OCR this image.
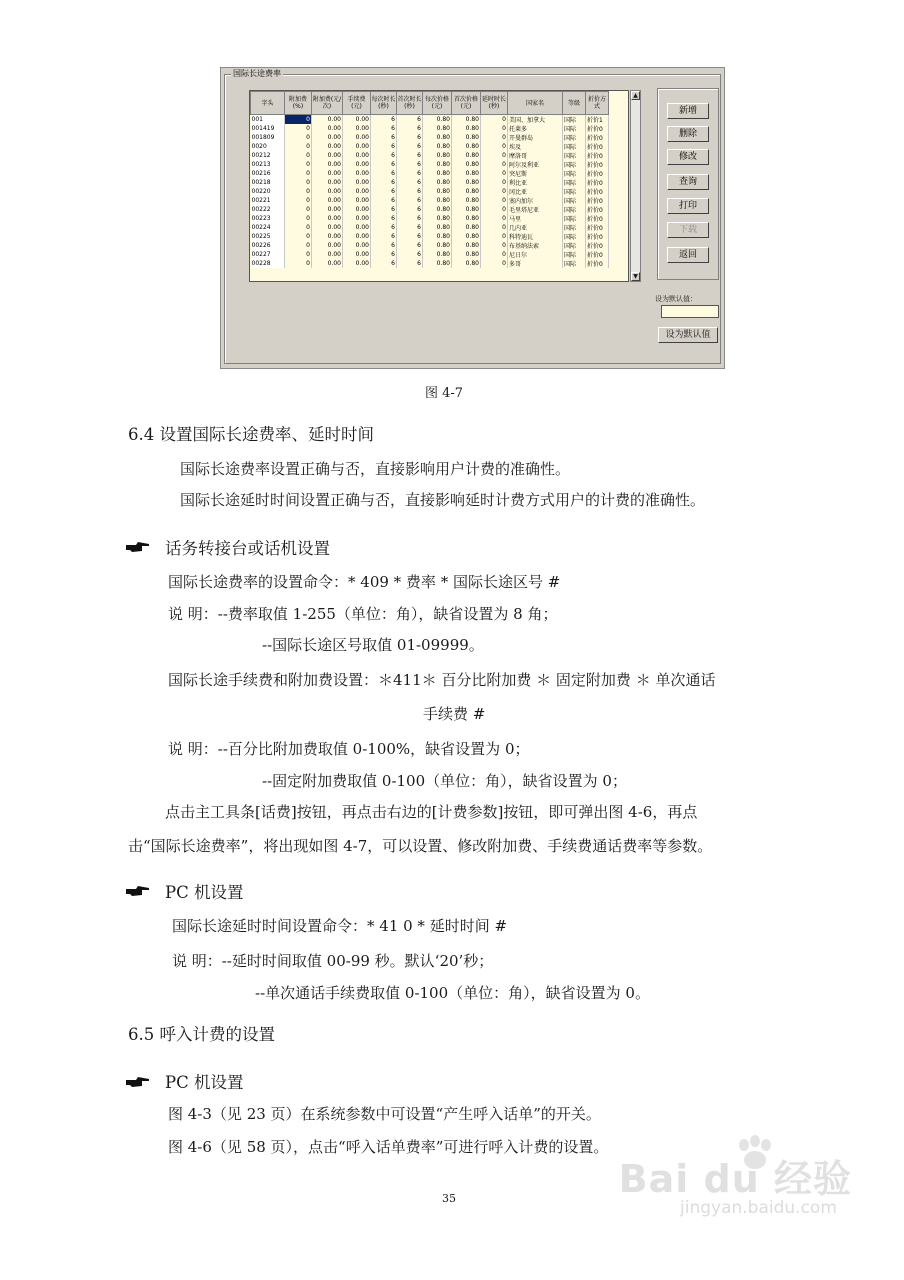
国际长途费率
字头	附加费(%)	附加费(元/次)	手续费(元)	每次时长(秒)	首次时长(秒)	每次价格(元)	首次价格(元)	延时时长(秒)	国家名	等级	折价方式
001	0	0.00	0.00	6	6	0.80	0.80	0	美国、加拿大	国际	折价1
001419	0	0.00	0.00	6	6	0.80	0.80	0	托莱多	国际	折价0
001809	0	0.00	0.00	6	6	0.80	0.80	0	开曼群岛	国际	折价0
0020	0	0.00	0.00	6	6	0.80	0.80	0	埃及	国际	折价0
00212	0	0.00	0.00	6	6	0.80	0.80	0	摩洛哥	国际	折价0
00213	0	0.00	0.00	6	6	0.80	0.80	0	阿尔及利亚	国际	折价0
00216	0	0.00	0.00	6	6	0.80	0.80	0	突尼斯	国际	折价0
00218	0	0.00	0.00	6	6	0.80	0.80	0	利比亚	国际	折价0
00220	0	0.00	0.00	6	6	0.80	0.80	0	冈比亚	国际	折价0
00221	0	0.00	0.00	6	6	0.80	0.80	0	塞内加尔	国际	折价0
00222	0	0.00	0.00	6	6	0.80	0.80	0	毛里塔尼亚	国际	折价0
00223	0	0.00	0.00	6	6	0.80	0.80	0	马里	国际	折价0
00224	0	0.00	0.00	6	6	0.80	0.80	0	几内亚	国际	折价0
00225	0	0.00	0.00	6	6	0.80	0.80	0	科特迪瓦	国际	折价0
00226	0	0.00	0.00	6	6	0.80	0.80	0	布基纳法索	国际	折价0
00227	0	0.00	0.00	6	6	0.80	0.80	0	尼日尔	国际	折价0
00228	0	0.00	0.00	6	6	0.80	0.80	0	多哥	国际	折价0
▲
▼
新增
删除
修改
查询
打印
下载
返回
设为默认值：
设为默认值
图 4-7
6.4 设置国际长途费率、延时时间
国际长途费率设置正确与否，直接影响用户计费的准确性。
国际长途延时时间设置正确与否，直接影响延时计费方式用户的计费的准确性。
话务转接台或话机设置
国际长途费率的设置命令：* 409 * 费率 * 国际长途区号 #
说 明：--费率取值 1-255（单位：角），缺省设置为 8 角；
--国际长途区号取值 01-09999。
国际长途手续费和附加费设置：＊411＊ 百分比附加费 ＊ 固定附加费 ＊ 单次通话
手续费 #
说 明：--百分比附加费取值 0-100%，缺省设置为 0；
--固定附加费取值 0-100（单位：角），缺省设置为 0；
点击主工具条[话费]按钮，再点击右边的[计费参数]按钮，即可弹出图 4-6，再点
击“国际长途费率”，将出现如图 4-7，可以设置、修改附加费、手续费通话费率等参数。
PC 机设置
国际长途延时时间设置命令：* 41 0 * 延时时间 #
说 明：--延时时间取值 00-99 秒。默认‘20’秒；
--单次通话手续费取值 0-100（单位：角），缺省设置为 0。
6.5 呼入计费的设置
PC 机设置
图 4-3（见 23 页）在系统参数中可设置“产生呼入话单”的开关。
图 4-6（见 58 页），点击“呼入话单费率”可进行呼入计费的设置。
35	Bai du 经验
jingyan.baidu.com
